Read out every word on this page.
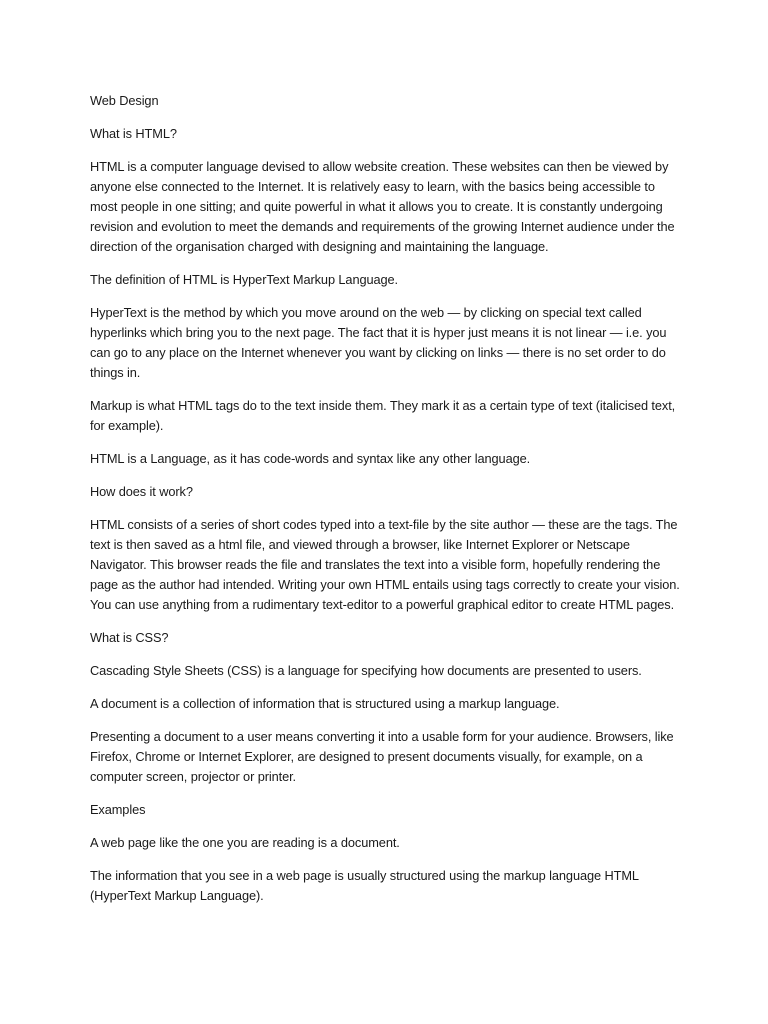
Web Design

What is HTML?

HTML is a computer language devised to allow website creation. These websites can then be viewed by anyone else connected to the Internet. It is relatively easy to learn, with the basics being accessible to most people in one sitting; and quite powerful in what it allows you to create. It is constantly undergoing revision and evolution to meet the demands and requirements of the growing Internet audience under the direction of the organisation charged with designing and maintaining the language.

The definition of HTML is HyperText Markup Language.

HyperText is the method by which you move around on the web — by clicking on special text called hyperlinks which bring you to the next page. The fact that it is hyper just means it is not linear — i.e. you can go to any place on the Internet whenever you want by clicking on links — there is no set order to do things in.

Markup is what HTML tags do to the text inside them. They mark it as a certain type of text (italicised text, for example).

HTML is a Language, as it has code-words and syntax like any other language.

How does it work?

HTML consists of a series of short codes typed into a text-file by the site author — these are the tags. The text is then saved as a html file, and viewed through a browser, like Internet Explorer or Netscape Navigator. This browser reads the file and translates the text into a visible form, hopefully rendering the page as the author had intended. Writing your own HTML entails using tags correctly to create your vision. You can use anything from a rudimentary text-editor to a powerful graphical editor to create HTML pages.

What is CSS?

Cascading Style Sheets (CSS) is a language for specifying how documents are presented to users.

A document is a collection of information that is structured using a markup language.

Presenting a document to a user means converting it into a usable form for your audience. Browsers, like Firefox, Chrome or Internet Explorer, are designed to present documents visually, for example, on a computer screen, projector or printer.

Examples

A web page like the one you are reading is a document.

The information that you see in a web page is usually structured using the markup language HTML (HyperText Markup Language).
